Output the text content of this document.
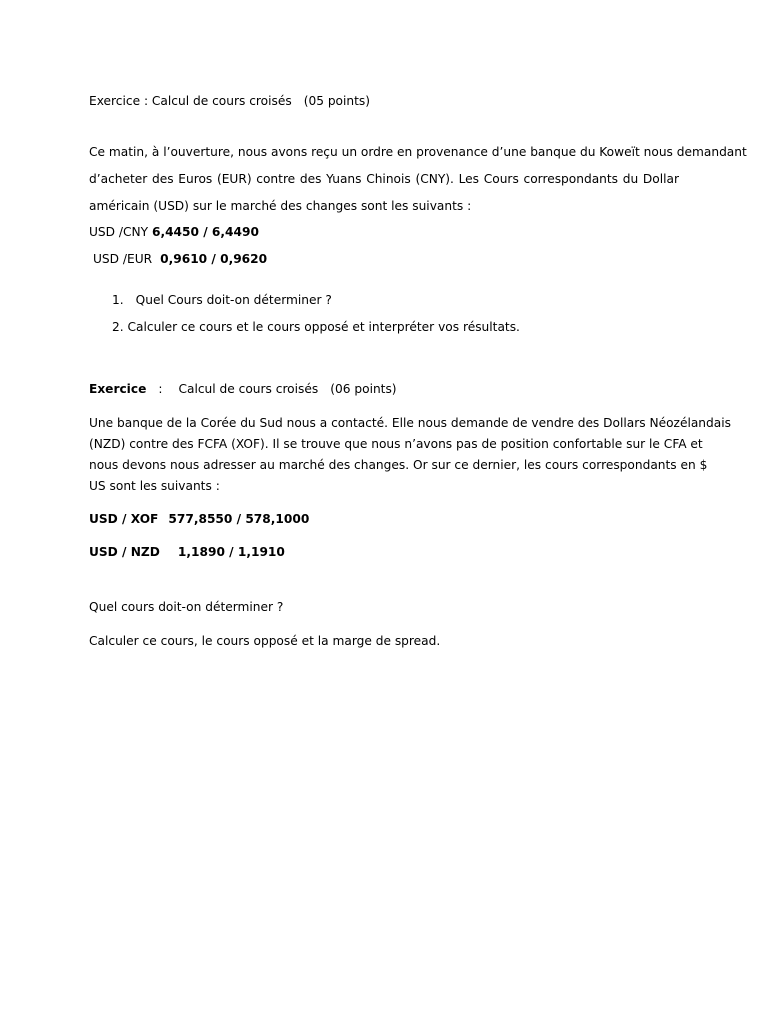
Exercice : Calcul de cours croisés (05 points)
Ce matin, à l’ouverture, nous avons reçu un ordre en provenance d’une banque du Koweït nous demandant
d’acheter des Euros (EUR) contre des Yuans Chinois (CNY). Les Cours correspondants du Dollar
américain (USD) sur le marché des changes sont les suivants :
USD /CNY 6,4450 / 6,4490
USD /EUR 0,9610 / 0,9620
1. Quel Cours doit-on déterminer ?
2. Calculer ce cours et le cours opposé et interpréter vos résultats.
Exercice : Calcul de cours croisés (06 points)
Une banque de la Corée du Sud nous a contacté. Elle nous demande de vendre des Dollars Néozélandais
(NZD) contre des FCFA (XOF). Il se trouve que nous n’avons pas de position confortable sur le CFA et
nous devons nous adresser au marché des changes. Or sur ce dernier, les cours correspondants en $
US sont les suivants :
USD / XOF 577,8550 / 578,1000
USD / NZD 1,1890 / 1,1910
Quel cours doit-on déterminer ?
Calculer ce cours, le cours opposé et la marge de spread.
